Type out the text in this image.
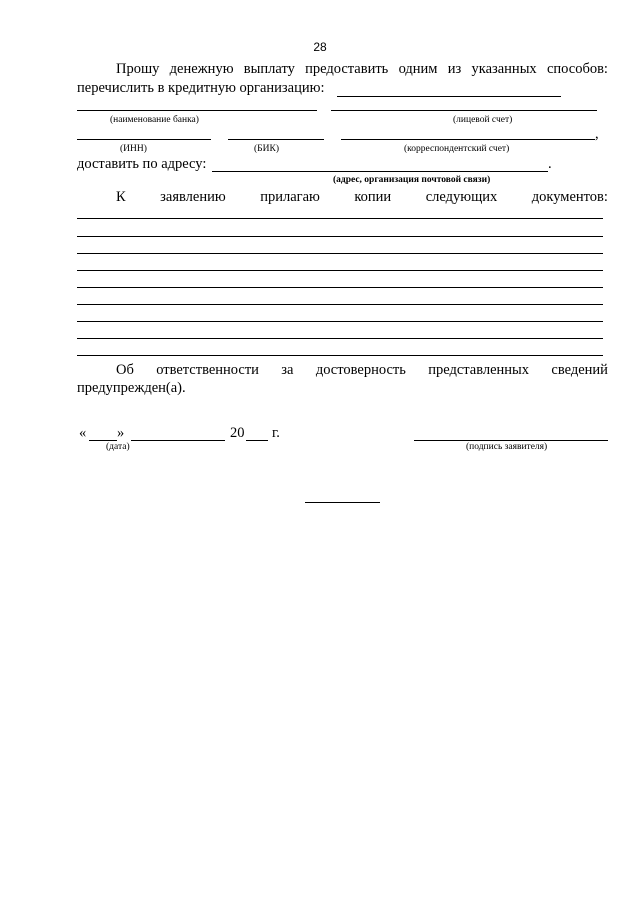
28
Прошу денежную выплату предоставить одним из указанных способов:
перечислить в кредитную организацию:
(наименование банка)	(лицевой счет)
,
(ИНН)	(БИК)	(корреспондентский счет)
доставить по адресу:	.
(адрес, организация почтовой связи)
К заявлению прилагаю копии следующих документов:
Об ответственности за достоверность представленных сведений
предупрежден(а).
« »	20 г.
(дата)	(подпись заявителя)
